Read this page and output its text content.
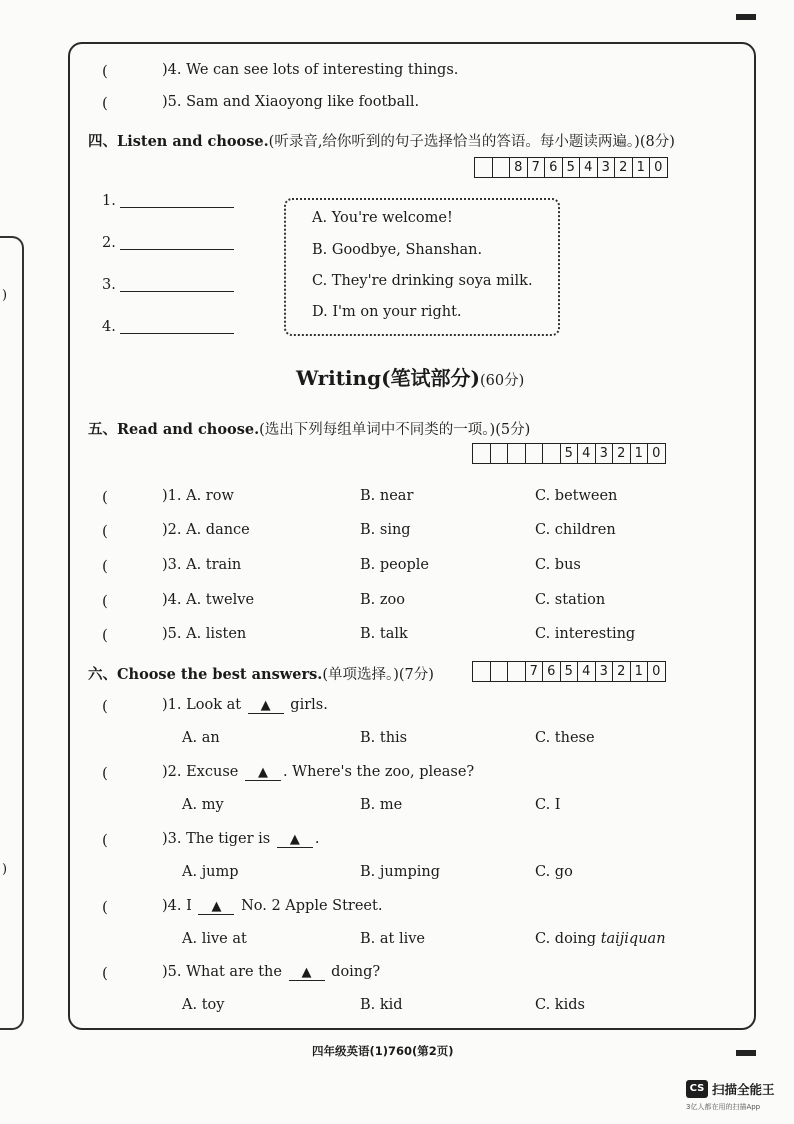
)
)
(	)4. We can see lots of interesting things.
(	)5. Sam and Xiaoyong like football.
四、Listen and choose.(听录音,给你听到的句子选择恰当的答语。每小题读两遍。)(8分)
8 7 6 5 4 3 2 1 0
1.
2.
3.
4.
A. You're welcome!
B. Goodbye, Shanshan.
C. They're drinking soya milk.
D. I'm on your right.
Writing(笔试部分)(60分)
五、Read and choose.(选出下列每组单词中不同类的一项。)(5分)
5 4 3 2 1 0
(	)1. A. row	B. near	C. between
(	)2. A. dance	B. sing	C. children
(	)3. A. train	B. people	C. bus
(	)4. A. twelve	B. zoo	C. station
(	)5. A. listen	B. talk	C. interesting
六、Choose the best answers.(单项选择。)(7分)	7 6 5 4 3 2 1 0
(	)1. Look at ▲ girls.
A. an	B. this	C. these
(	)2. Excuse ▲ . Where's the zoo, please?
A. my	B. me	C. I
(	)3. The tiger is ▲ .
A. jump	B. jumping	C. go
(	)4. I ▲ No. 2 Apple Street.
A. live at	B. at live	C. doing taijiquan
(	)5. What are the ▲ doing?
A. toy	B. kid	C. kids
四年级英语(1)760(第2页)
CS 扫描全能王
3亿人都在用的扫描App
